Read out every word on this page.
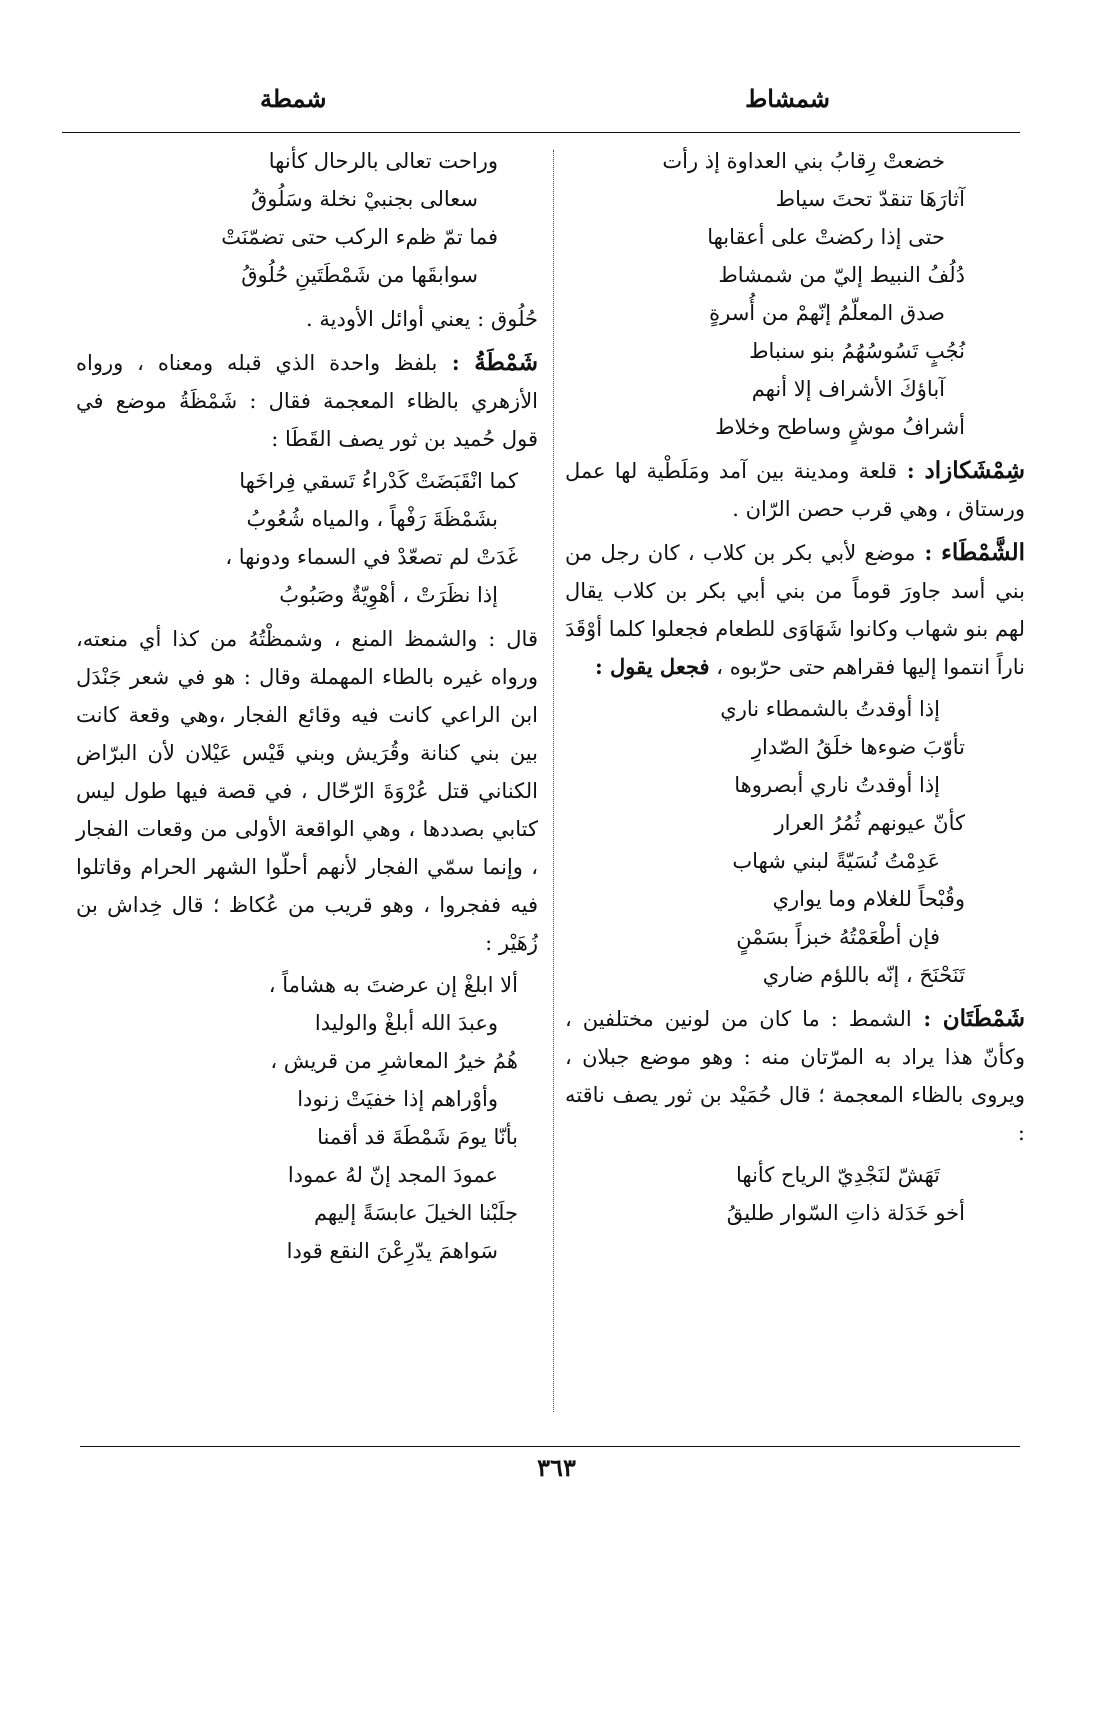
شمشاط
شمطة

خضعتْ رِقابُ بني العداوة إذ رأت

آثارَهَا تنقدّ تحتَ سياط

حتى إذا ركضتْ على أعقابها

دُلُفُ النبيط إليّ من شمشاط

صدق المعلّمُ إنّهمْ من أُسرةٍ

نُجُبٍ تَسُوسُهُمُ بنو سنباط

آباؤكَ الأشراف إلا أنهم

أشرافُ موشٍ وساطح وخلاط

شِمْشَكازاد : قلعة ومدينة بين آمد ومَلَطْية لها عمل ورستاق ، وهي قرب حصن الرّان .

الشَّمْطَاء : موضع لأبي بكر بن كلاب ، كان رجل من بني أسد جاورَ قوماً من بني أبي بكر بن كلاب يقال لهم بنو شهاب وكانوا شَهَاوَى للطعام فجعلوا كلما أوْقَدَ ناراً انتموا إليها فقراهم حتى حرّبوه ، فجعل يقول :

إذا أوقدتُ بالشمطاء ناري

تأوّبَ ضوءها خلَقُ الصّدارِ

إذا أوقدتُ ناري أبصروها

كأنّ عيونهم ثُمُرُ العرار

عَدِمْتُ نُسَيّةً لبني شهاب

وقُبْحاً للغلام وما يواري

فإن أطْعَمْتُهُ خبزاً بسَمْنٍ

تَنَحْنَحَ ، إنّه باللؤم ضاري

شَمْطَتَان : الشمط : ما كان من لونين مختلفين ، وكأنّ هذا يراد به المرّتان منه : وهو موضع جبلان ، ويروى بالظاء المعجمة ؛ قال حُمَيْد بن ثور يصف ناقته :

تَهَشّ لنَجْدِيّ الرياح كأنها

أخو خَدَلة ذاتِ السّوار طليقُ

وراحت تعالى بالرحال كأنها

سعالى بجنبيْ نخلة وسَلُوقُ

فما تمّ ظمء الركب حتى تضمّنَتْ

سوابقَها من شَمْطَتَينِ حُلُوقُ

حُلُوق : يعني أوائل الأودية .

شَمْطَةُ : بلفظ واحدة الذي قبله ومعناه ، ورواه الأزهري بالظاء المعجمة فقال : شَمْظَةُ موضع في قول حُميد بن ثور يصف القَطَا :

كما انْقَبَضَتْ كَدْراءُ تَسقي فِراخَها

بشَمْظَةَ رَفْهاً ، والمياه شُعُوبُ

غَدَتْ لم تصعّدْ في السماء ودونها ،

إذا نظَرَتْ ، أهْوِيّةٌ وصَبُوبُ

قال : والشمظ المنع ، وشمظْتُهُ من كذا أي منعته، ورواه غيره بالطاء المهملة وقال : هو في شعر جَنْدَل ابن الراعي كانت فيه وقائع الفجار ،وهي وقعة كانت بين بني كنانة وقُرَيش وبني قَيْس عَيْلان لأن البرّاض الكناني قتل عُرْوَةَ الرّحّال ، في قصة فيها طول ليس كتابي بصددها ، وهي الواقعة الأولى من وقعات الفجار ، وإنما سمّي الفجار لأنهم أحلّوا الشهر الحرام وقاتلوا فيه ففجروا ، وهو قريب من عُكاظ ؛ قال خِداش بن زُهَيْر :

ألا ابلغْ إن عرضتَ به هشاماً ،

وعبدَ الله أبلغْ والوليدا

هُمُ خيرُ المعاشرِ من قريش ،

وأوْراهم إذا خفيَتْ زنودا

بأنّا يومَ شَمْطَةَ قد أقمنا

عمودَ المجد إنّ لهُ عمودا

جلَبْنا الخيلَ عابسَةً إليهم

سَواهمَ يدّرِعْنَ النقع قودا

٣٦٣
